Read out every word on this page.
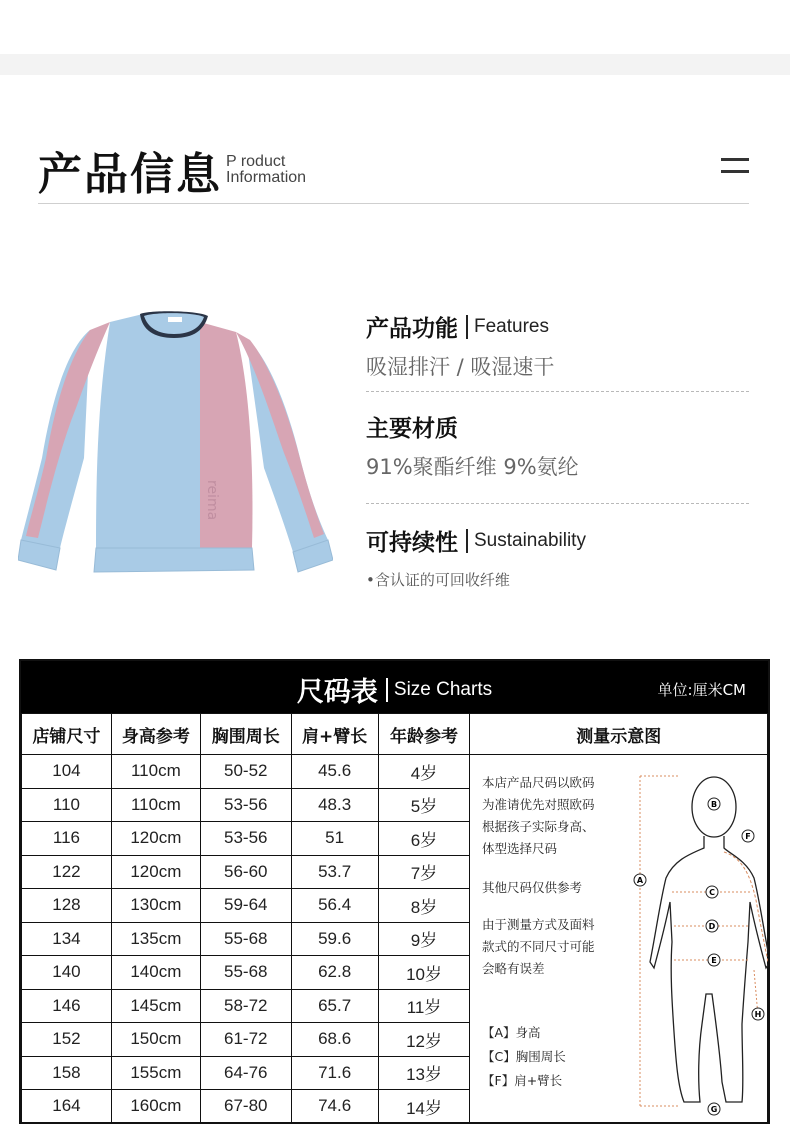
产品信息 P roduct
Information
reima
产品功能 Features
吸湿排汗 / 吸湿速干
主要材质
91%聚酯纤维 9%氨纶
可持续性 Sustainability
•含认证的可回收纤维
尺码表 Size Charts	单位:厘米CM
店铺尺寸	身高参考	胸围周长	肩+臂长	年龄参考	测量示意图
104	110cm	50-52	45.6	4岁	
110	110cm	53-56	48.3	5岁	
116	120cm	53-56	51	6岁	
122	120cm	56-60	53.7	7岁	
128	130cm	59-64	56.4	8岁	
134	135cm	55-68	59.6	9岁	
140	140cm	55-68	62.8	10岁	
146	145cm	58-72	65.7	11岁	
152	150cm	61-72	68.6	12岁	
158	155cm	64-76	71.6	13岁	
164	160cm	67-80	74.6	14岁	
本店产品尺码以欧码
为准请优先对照欧码
根据孩子实际身高、
体型选择尺码
其他尺码仅供参考
由于测量方式及面料
款式的不同尺寸可能
会略有误差
【A】身高
【C】胸围周长
【F】肩+臂长
B
A
F
C
D
E
H
G
